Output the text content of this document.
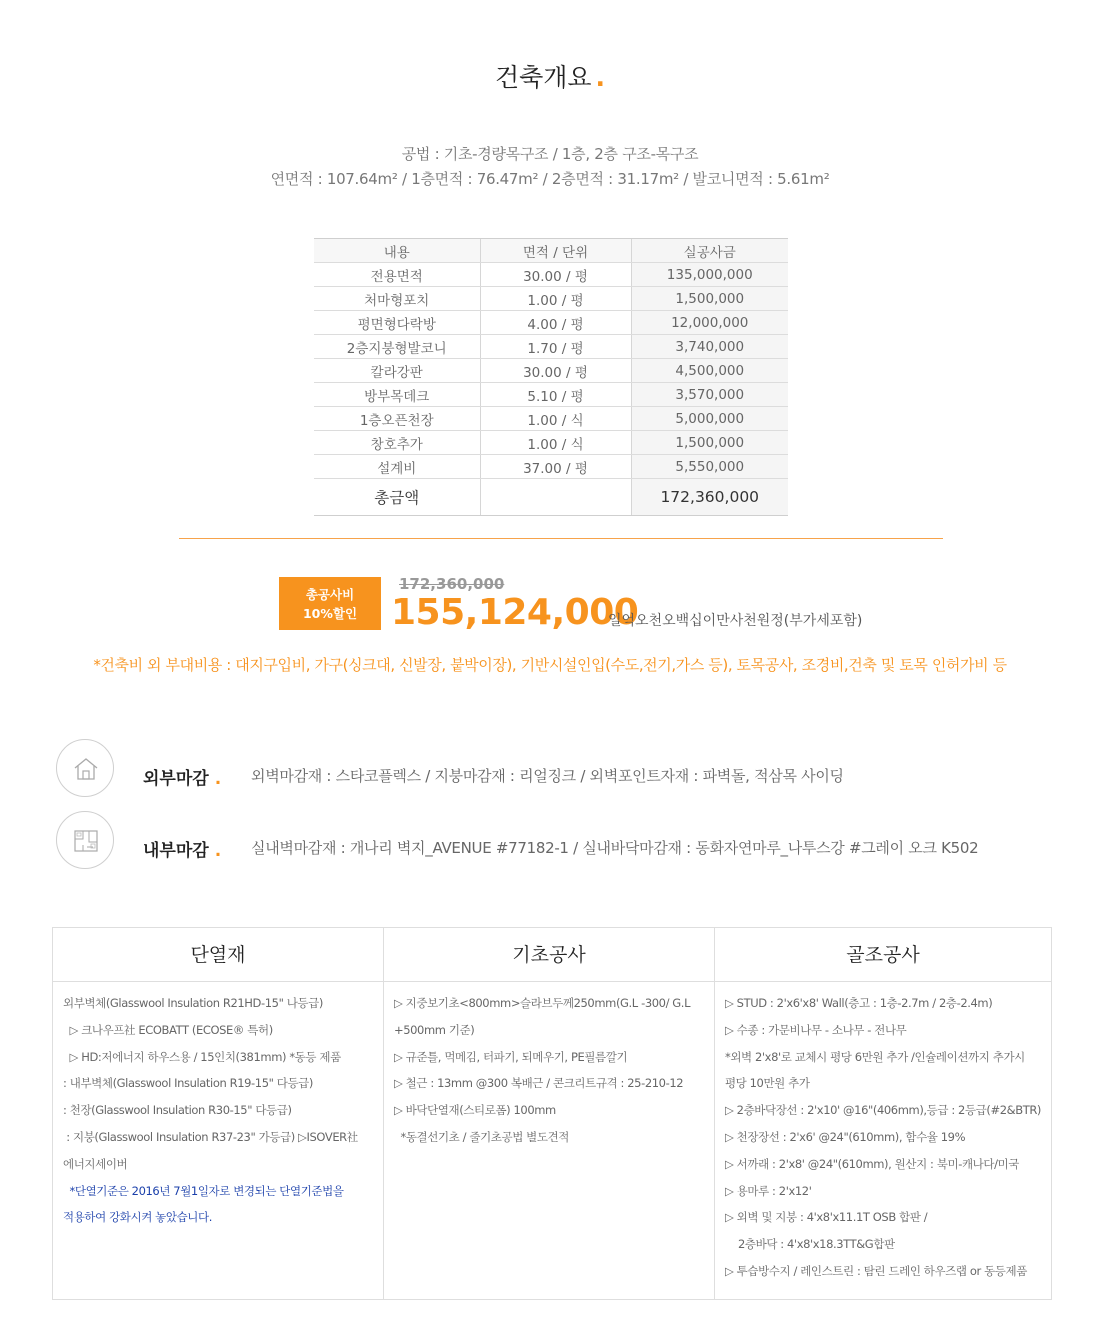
건축개요 .
공법 : 기초-경량목구조 / 1층, 2층 구조-목구조
연면적 : 107.64m² / 1층면적 : 76.47m² / 2층면적 : 31.17m² / 발코니면적 : 5.61m²
내용	면적 / 단위	실공사금
전용면적	30.00 / 평	135,000,000
처마형포치	1.00 / 평	1,500,000
평면형다락방	4.00 / 평	12,000,000
2층지붕형발코니	1.70 / 평	3,740,000
칼라강판	30.00 / 평	4,500,000
방부목데크	5.10 / 평	3,570,000
1층오픈천장	1.00 / 식	5,000,000
창호추가	1.00 / 식	1,500,000
설계비	37.00 / 평	5,550,000
총금액		172,360,000
총공사비
10%할인
172,360,000
155,124,000
일억오천오백십이만사천원정(부가세포함)
*건축비 외 부대비용 : 대지구입비, 가구(싱크대, 신발장, 붙박이장), 기반시설인입(수도,전기,가스 등), 토목공사, 조경비,건축 및 토목 인허가비 등
외부마감 . 외벽마감재 : 스타코플렉스 / 지붕마감재 : 리얼징크 / 외벽포인트자재 : 파벽돌, 적삼목 사이딩
내부마감 . 실내벽마감재 : 개나리 벽지_AVENUE #77182-1 / 실내바닥마감재 : 동화자연마루_나투스강 #그레이 오크 K502
단열재
외부벽체(Glasswool Insulation R21HD-15" 나등급)
▷ 크나우프社 ECOBATT (ECOSE® 특허)
▷ HD:저에너지 하우스용 / 15인치(381mm) *동등 제품
: 내부벽체(Glasswool Insulation R19-15" 다등급)
: 천장(Glasswool Insulation R30-15" 다등급)
: 지붕(Glasswool Insulation R37-23" 가등급) ▷ISOVER社
에너지세이버
*단열기준은 2016년 7월1일자로 변경되는 단열기준법을
적용하여 강화시켜 놓았습니다.
기초공사
▷ 지중보기초<800mm>슬라브두께250mm(G.L -300/ G.L
+500mm 기준)
▷ 규준틀, 먹메김, 터파기, 되메우기, PE필름깔기
▷ 철근 : 13mm @300 복배근 / 콘크리트규격 : 25-210-12
▷ 바닥단열재(스티로폼) 100mm
*동결선기초 / 줄기초공법 별도견적
골조공사
▷ STUD : 2'x6'x8' Wall(층고 : 1층-2.7m / 2층-2.4m)
▷ 수종 : 가문비나무 - 소나무 - 전나무
*외벽 2'x8'로 교체시 평당 6만원 추가 /인슐레이션까지 추가시
평당 10만원 추가
▷ 2층바닥장선 : 2'x10' @16"(406mm),등급 : 2등급(#2&BTR)
▷ 천장장선 : 2'x6' @24"(610mm), 함수율 19%
▷ 서까래 : 2'x8' @24"(610mm), 원산지 : 북미-캐나다/미국
▷ 용마루 : 2'x12'
▷ 외벽 및 지붕 : 4'x8'x11.1T OSB 합판 /
2층바닥 : 4'x8'x18.3TT&G합판
▷ 투습방수지 / 레인스트린 : 탐린 드레인 하우즈랩 or 동등제품
